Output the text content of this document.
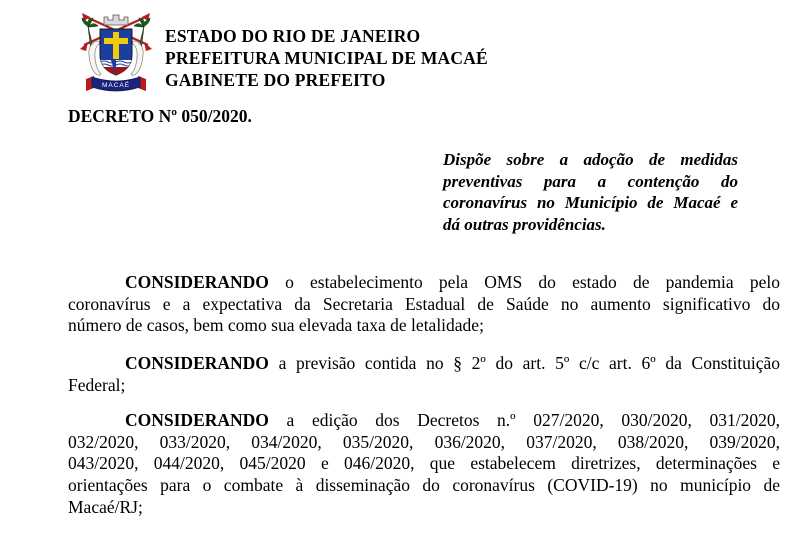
MACAÉ
ESTADO DO RIO DE JANEIRO
PREFEITURA MUNICIPAL DE MACAÉ
GABINETE DO PREFEITO
DECRETO Nº 050/2020.
Dispõe sobre a adoção de medidas
preventivas para a contenção do
coronavírus no Município de Macaé e
dá outras providências.
CONSIDERANDO o estabelecimento pela OMS do estado de pandemia pelo
coronavírus e a expectativa da Secretaria Estadual de Saúde no aumento significativo do
número de casos, bem como sua elevada taxa de letalidade;
CONSIDERANDO a previsão contida no § 2º do art. 5º c/c art. 6º da Constituição
Federal;
CONSIDERANDO a edição dos Decretos n.º 027/2020, 030/2020, 031/2020,
032/2020, 033/2020, 034/2020, 035/2020, 036/2020, 037/2020, 038/2020, 039/2020,
043/2020, 044/2020, 045/2020 e 046/2020, que estabelecem diretrizes, determinações e
orientações para o combate à disseminação do coronavírus (COVID-19) no município de
Macaé/RJ;
